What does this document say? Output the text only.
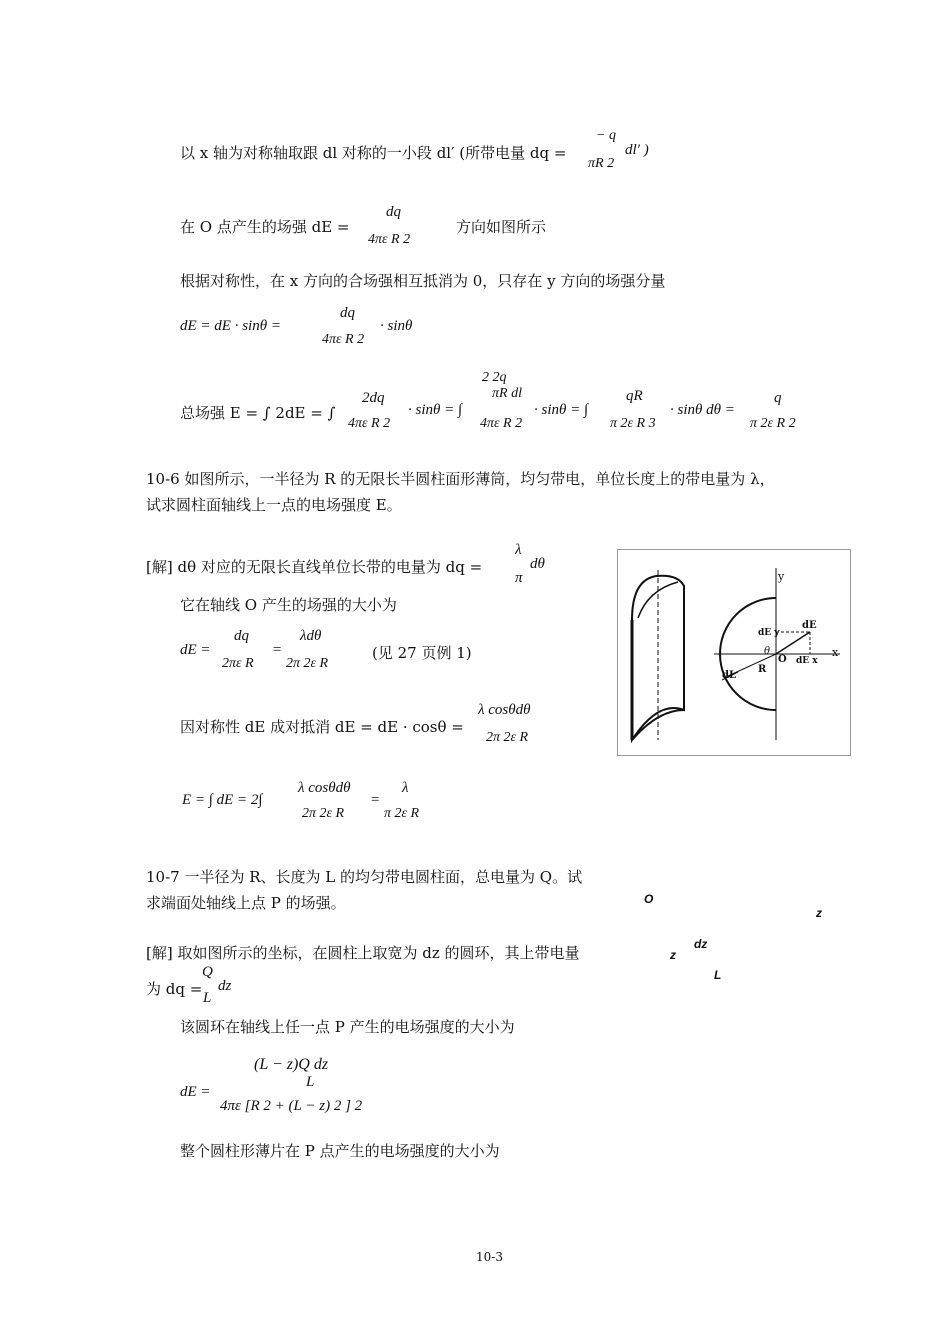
以 x 轴为对称轴取跟 dl 对称的一小段 dl′ (所带电量 dq =
− q
πR 2
dl′ )
在 O 点产生的场强 dE =
dq
4πε R 2
方向如图所示
根据对称性，在 x 方向的合场强相互抵消为 0，只存在 y 方向的场强分量
dE = dE · sinθ =
dq
4πε R 2
· sinθ
总场强 E = ∫ 2dE = ∫
2dq
4πε R 2
· sinθ = ∫
2 2q
πR dl
4πε R 2
· sinθ = ∫
qR
π 2ε R 3
· sinθ dθ =
q
π 2ε R 2
10-6 如图所示，一半径为 R 的无限长半圆柱面形薄筒，均匀带电，单位长度上的带电量为 λ，
试求圆柱面轴线上一点的电场强度 E。
[解] dθ 对应的无限长直线单位长带的电量为 dq =
λ
π
dθ
它在轴线 O 产生的场强的大小为
dE =
dq
2πε R
=
λdθ
2π 2ε R
(见 27 页例 1)
因对称性 dE 成对抵消 dE = dE · cosθ =
λ cosθdθ
2π 2ε R
E = ∫ dE = 2∫
λ cosθdθ
2π 2ε R
=
λ
π 2ε R
y
x
dE
dE y
dE x
θ
O
R
dL
10-7 一半径为 R、长度为 L 的均匀带电圆柱面，总电量为 Q。试
求端面处轴线上点 P 的场强。	O
z
dz
z
L
[解] 取如图所示的坐标，在圆柱上取宽为 dz 的圆环，其上带电量
为 dq =
Q
L
dz
该圆环在轴线上任一点 P 产生的电场强度的大小为
(L − z)Q dz
L
dE =
4πε [R 2 + (L − z) 2 ] 2
整个圆柱形薄片在 P 点产生的电场强度的大小为
10-3
